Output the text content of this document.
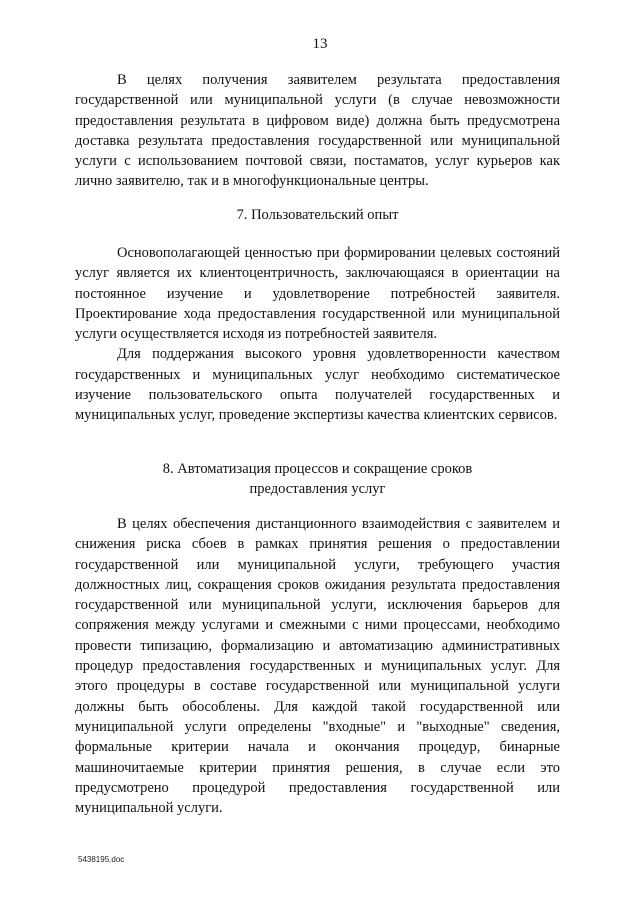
13

В целях получения заявителем результата предоставления государственной или муниципальной услуги (в случае невозможности предоставления результата в цифровом виде) должна быть предусмотрена доставка результата предоставления государственной или муниципальной услуги с использованием почтовой связи, постаматов, услуг курьеров как лично заявителю, так и в многофункциональные центры.

7. Пользовательский опыт

Основополагающей ценностью при формировании целевых состояний услуг является их клиентоцентричность, заключающаяся в ориентации на постоянное изучение и удовлетворение потребностей заявителя. Проектирование хода предоставления государственной или муниципальной услуги осуществляется исходя из потребностей заявителя.

Для поддержания высокого уровня удовлетворенности качеством государственных и муниципальных услуг необходимо систематическое изучение пользовательского опыта получателей государственных и муниципальных услуг, проведение экспертизы качества клиентских сервисов.

8. Автоматизация процессов и сокращение сроков
предоставления услуг

В целях обеспечения дистанционного взаимодействия с заявителем и снижения риска сбоев в рамках принятия решения о предоставлении государственной или муниципальной услуги, требующего участия должностных лиц, сокращения сроков ожидания результата предоставления государственной или муниципальной услуги, исключения барьеров для сопряжения между услугами и смежными с ними процессами, необходимо провести типизацию, формализацию и автоматизацию административных процедур предоставления государственных и муниципальных услуг. Для этого процедуры в составе государственной или муниципальной услуги должны быть обособлены. Для каждой такой государственной или муниципальной услуги определены "входные" и "выходные" сведения, формальные критерии начала и окончания процедур, бинарные машиночитаемые критерии принятия решения, в случае если это предусмотрено процедурой предоставления государственной или муниципальной услуги.

5438195.doc
